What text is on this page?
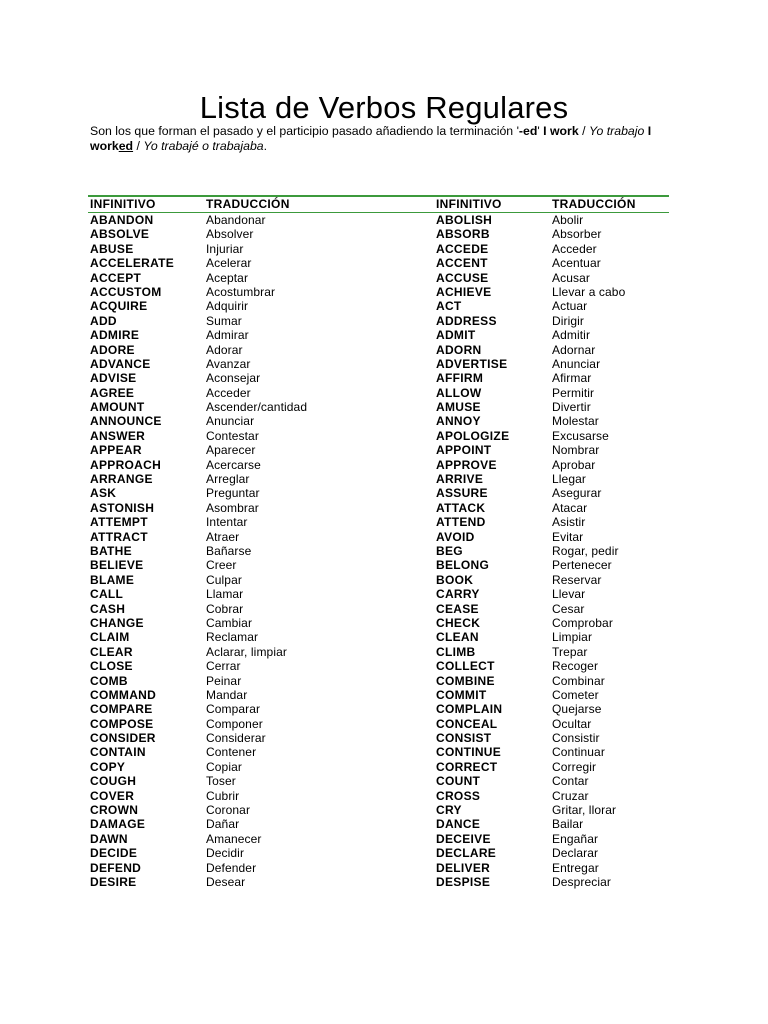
Lista de Verbos Regulares
Son los que forman el pasado y el participio pasado añadiendo la terminación '-ed' I work / Yo trabajo I
worked / Yo trabajé o trabajaba.
INFINITIVO	TRADUCCIÓN	INFINITIVO	TRADUCCIÓN
ABANDON	Abandonar	ABOLISH	Abolir
ABSOLVE	Absolver	ABSORB	Absorber
ABUSE	Injuriar	ACCEDE	Acceder
ACCELERATE	Acelerar	ACCENT	Acentuar
ACCEPT	Aceptar	ACCUSE	Acusar
ACCUSTOM	Acostumbrar	ACHIEVE	Llevar a cabo
ACQUIRE	Adquirir	ACT	Actuar
ADD	Sumar	ADDRESS	Dirigir
ADMIRE	Admirar	ADMIT	Admitir
ADORE	Adorar	ADORN	Adornar
ADVANCE	Avanzar	ADVERTISE	Anunciar
ADVISE	Aconsejar	AFFIRM	Afirmar
AGREE	Acceder	ALLOW	Permitir
AMOUNT	Ascender/cantidad	AMUSE	Divertir
ANNOUNCE	Anunciar	ANNOY	Molestar
ANSWER	Contestar	APOLOGIZE	Excusarse
APPEAR	Aparecer	APPOINT	Nombrar
APPROACH	Acercarse	APPROVE	Aprobar
ARRANGE	Arreglar	ARRIVE	Llegar
ASK	Preguntar	ASSURE	Asegurar
ASTONISH	Asombrar	ATTACK	Atacar
ATTEMPT	Intentar	ATTEND	Asistir
ATTRACT	Atraer	AVOID	Evitar
BATHE	Bañarse	BEG	Rogar, pedir
BELIEVE	Creer	BELONG	Pertenecer
BLAME	Culpar	BOOK	Reservar
CALL	Llamar	CARRY	Llevar
CASH	Cobrar	CEASE	Cesar
CHANGE	Cambiar	CHECK	Comprobar
CLAIM	Reclamar	CLEAN	Limpiar
CLEAR	Aclarar, limpiar	CLIMB	Trepar
CLOSE	Cerrar	COLLECT	Recoger
COMB	Peinar	COMBINE	Combinar
COMMAND	Mandar	COMMIT	Cometer
COMPARE	Comparar	COMPLAIN	Quejarse
COMPOSE	Componer	CONCEAL	Ocultar
CONSIDER	Considerar	CONSIST	Consistir
CONTAIN	Contener	CONTINUE	Continuar
COPY	Copiar	CORRECT	Corregir
COUGH	Toser	COUNT	Contar
COVER	Cubrir	CROSS	Cruzar
CROWN	Coronar	CRY	Gritar, llorar
DAMAGE	Dañar	DANCE	Bailar
DAWN	Amanecer	DECEIVE	Engañar
DECIDE	Decidir	DECLARE	Declarar
DEFEND	Defender	DELIVER	Entregar
DESIRE	Desear	DESPISE	Despreciar
